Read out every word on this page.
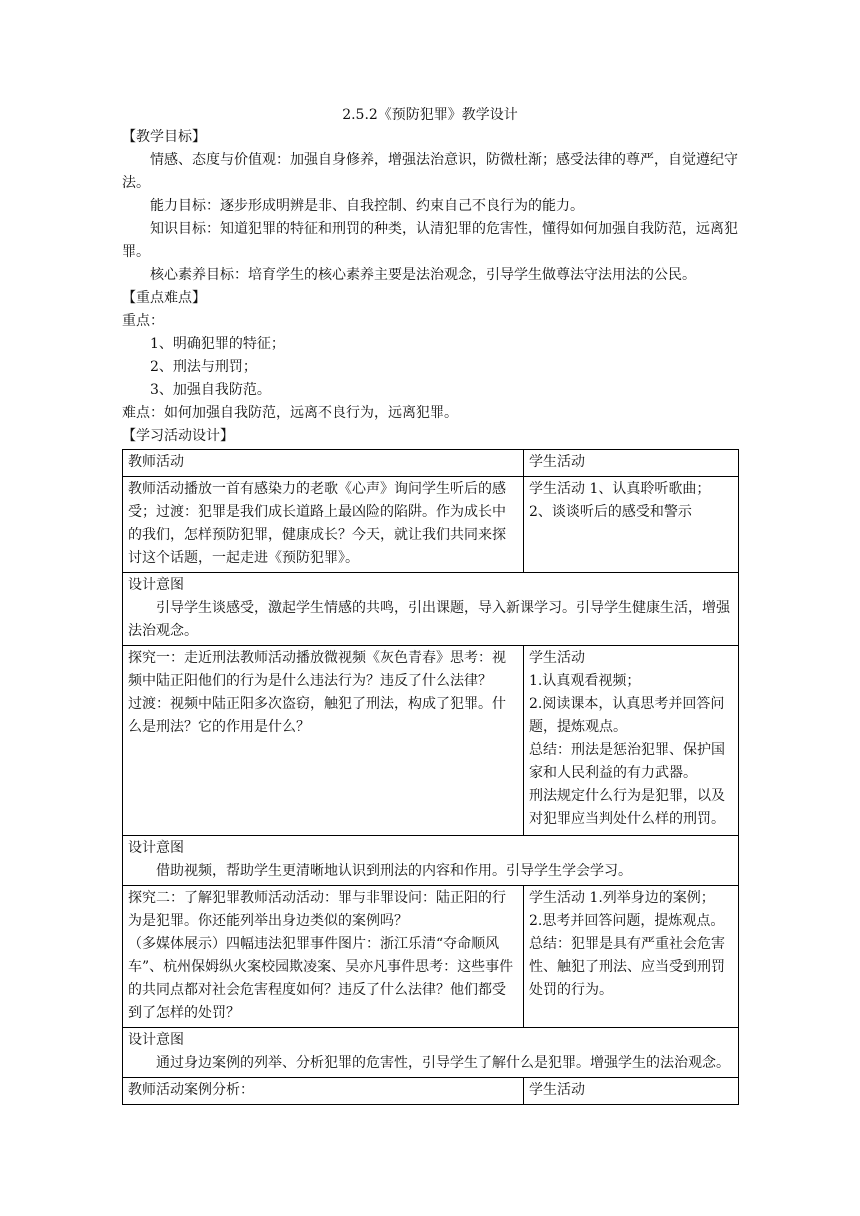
2.5.2《预防犯罪》教学设计

【教学目标】

情感、态度与价值观：加强自身修养，增强法治意识，防微杜渐；感受法律的尊严，自觉遵纪守法。

能力目标：逐步形成明辨是非、自我控制、约束自己不良行为的能力。

知识目标：知道犯罪的特征和刑罚的种类，认清犯罪的危害性，懂得如何加强自我防范，远离犯罪。

核心素养目标：培育学生的核心素养主要是法治观念，引导学生做尊法守法用法的公民。

【重点难点】

重点：

1、明确犯罪的特征；

2、刑法与刑罚；

3、加强自我防范。

难点：如何加强自我防范，远离不良行为，远离犯罪。

【学习活动设计】

教师活动	学生活动
教师活动播放一首有感染力的老歌《心声》询问学生听后的感受；过渡：犯罪是我们成长道路上最凶险的陷阱。作为成长中的我们，怎样预防犯罪，健康成长？今天，就让我们共同来探讨这个话题，一起走进《预防犯罪》。	学生活动 1、认真聆听歌曲；2、谈谈听后的感受和警示

设计意图
引导学生谈感受，激起学生情感的共鸣，引出课题，导入新课学习。引导学生健康生活，增强法治观念。	

探究一：走近刑法教师活动播放微视频《灰色青春》思考：视频中陆正阳他们的行为是什么违法行为？违反了什么法律？
过渡：视频中陆正阳多次盗窃，触犯了刑法，构成了犯罪。什么是刑法？它的作用是什么？	学生活动
1.认真观看视频；
2.阅读课本，认真思考并回答问题，提炼观点。
总结：刑法是惩治犯罪、保护国家和人民利益的有力武器。
刑法规定什么行为是犯罪，以及对犯罪应当判处什么样的刑罚。

设计意图
借助视频，帮助学生更清晰地认识到刑法的内容和作用。引导学生学会学习。	

探究二：了解犯罪教师活动活动：罪与非罪设问：陆正阳的行为是犯罪。你还能列举出身边类似的案例吗？
（多媒体展示）四幅违法犯罪事件图片：浙江乐清“夺命顺风车”、杭州保姆纵火案校园欺凌案、吴亦凡事件思考：这些事件的共同点都对社会危害程度如何？违反了什么法律？他们都受到了怎样的处罚？	学生活动 1.列举身边的案例；
2.思考并回答问题，提炼观点。
总结：犯罪是具有严重社会危害性、触犯了刑法、应当受到刑罚处罚的行为。

设计意图
通过身边案例的列举、分析犯罪的危害性，引导学生了解什么是犯罪。增强学生的法治观念。	

教师活动案例分析：	学生活动
